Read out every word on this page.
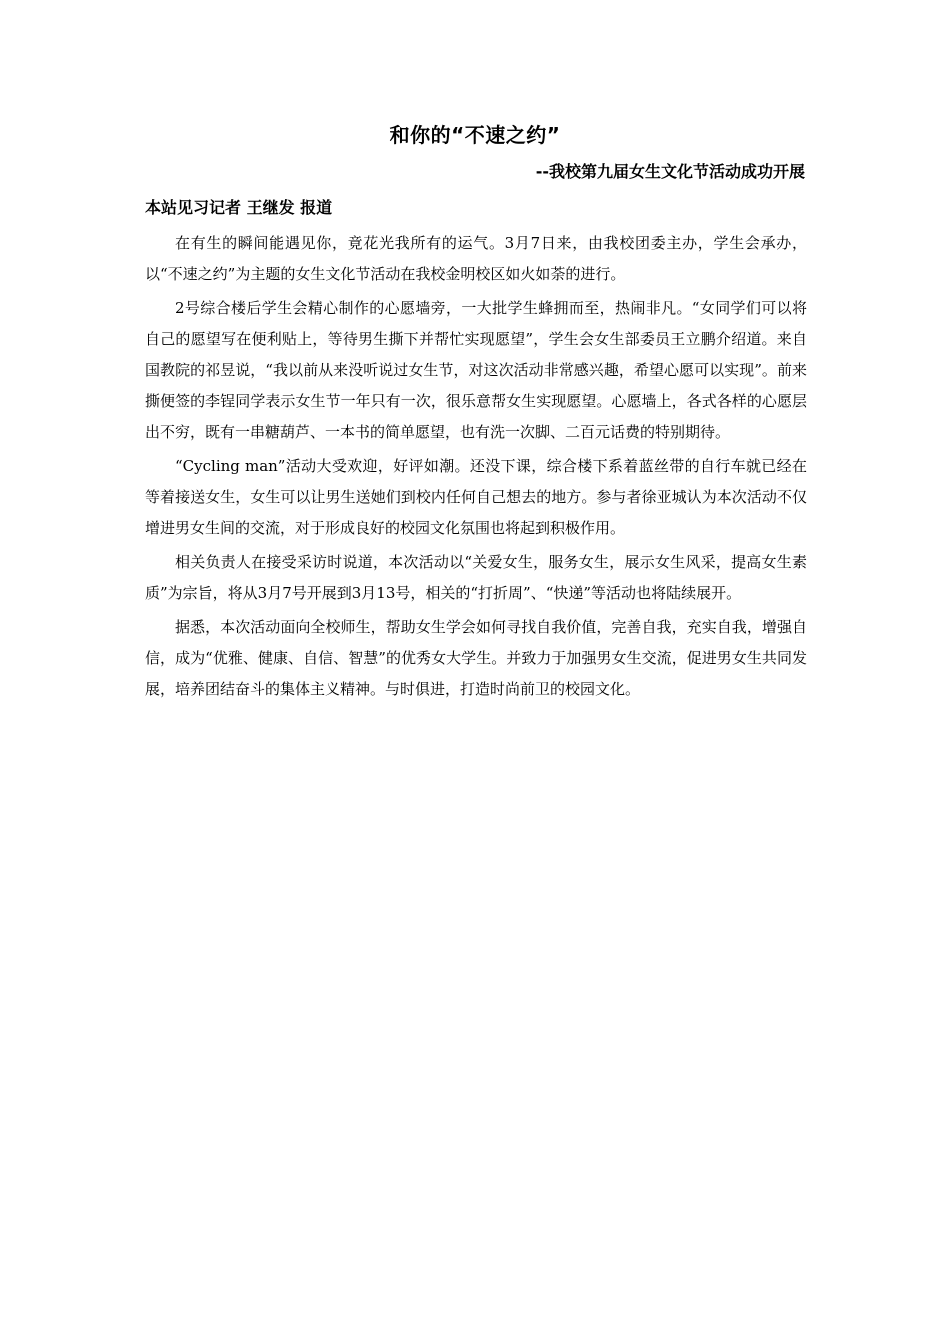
和你的“不速之约”
--我校第九届女生文化节活动成功开展
本站见习记者 王继发 报道

在有生的瞬间能遇见你，竟花光我所有的运气。3月7日来，由我校团委主办，学生会承办，以“不速之约”为主题的女生文化节活动在我校金明校区如火如荼的进行。

2号综合楼后学生会精心制作的心愿墙旁，一大批学生蜂拥而至，热闹非凡。“女同学们可以将自己的愿望写在便利贴上，等待男生撕下并帮忙实现愿望”，学生会女生部委员王立鹏介绍道。来自国教院的祁昱说，“我以前从来没听说过女生节，对这次活动非常感兴趣，希望心愿可以实现”。前来撕便签的李锃同学表示女生节一年只有一次，很乐意帮女生实现愿望。心愿墙上，各式各样的心愿层出不穷，既有一串糖葫芦、一本书的简单愿望，也有洗一次脚、二百元话费的特别期待。

“Cycling man”活动大受欢迎，好评如潮。还没下课，综合楼下系着蓝丝带的自行车就已经在等着接送女生，女生可以让男生送她们到校内任何自己想去的地方。参与者徐亚城认为本次活动不仅增进男女生间的交流，对于形成良好的校园文化氛围也将起到积极作用。

相关负责人在接受采访时说道，本次活动以“关爱女生，服务女生，展示女生风采，提高女生素质”为宗旨，将从3月7号开展到3月13号，相关的“打折周”、“快递”等活动也将陆续展开。

据悉，本次活动面向全校师生，帮助女生学会如何寻找自我价值，完善自我，充实自我，增强自信，成为“优雅、健康、自信、智慧”的优秀女大学生。并致力于加强男女生交流，促进男女生共同发展，培养团结奋斗的集体主义精神。与时俱进，打造时尚前卫的校园文化。
